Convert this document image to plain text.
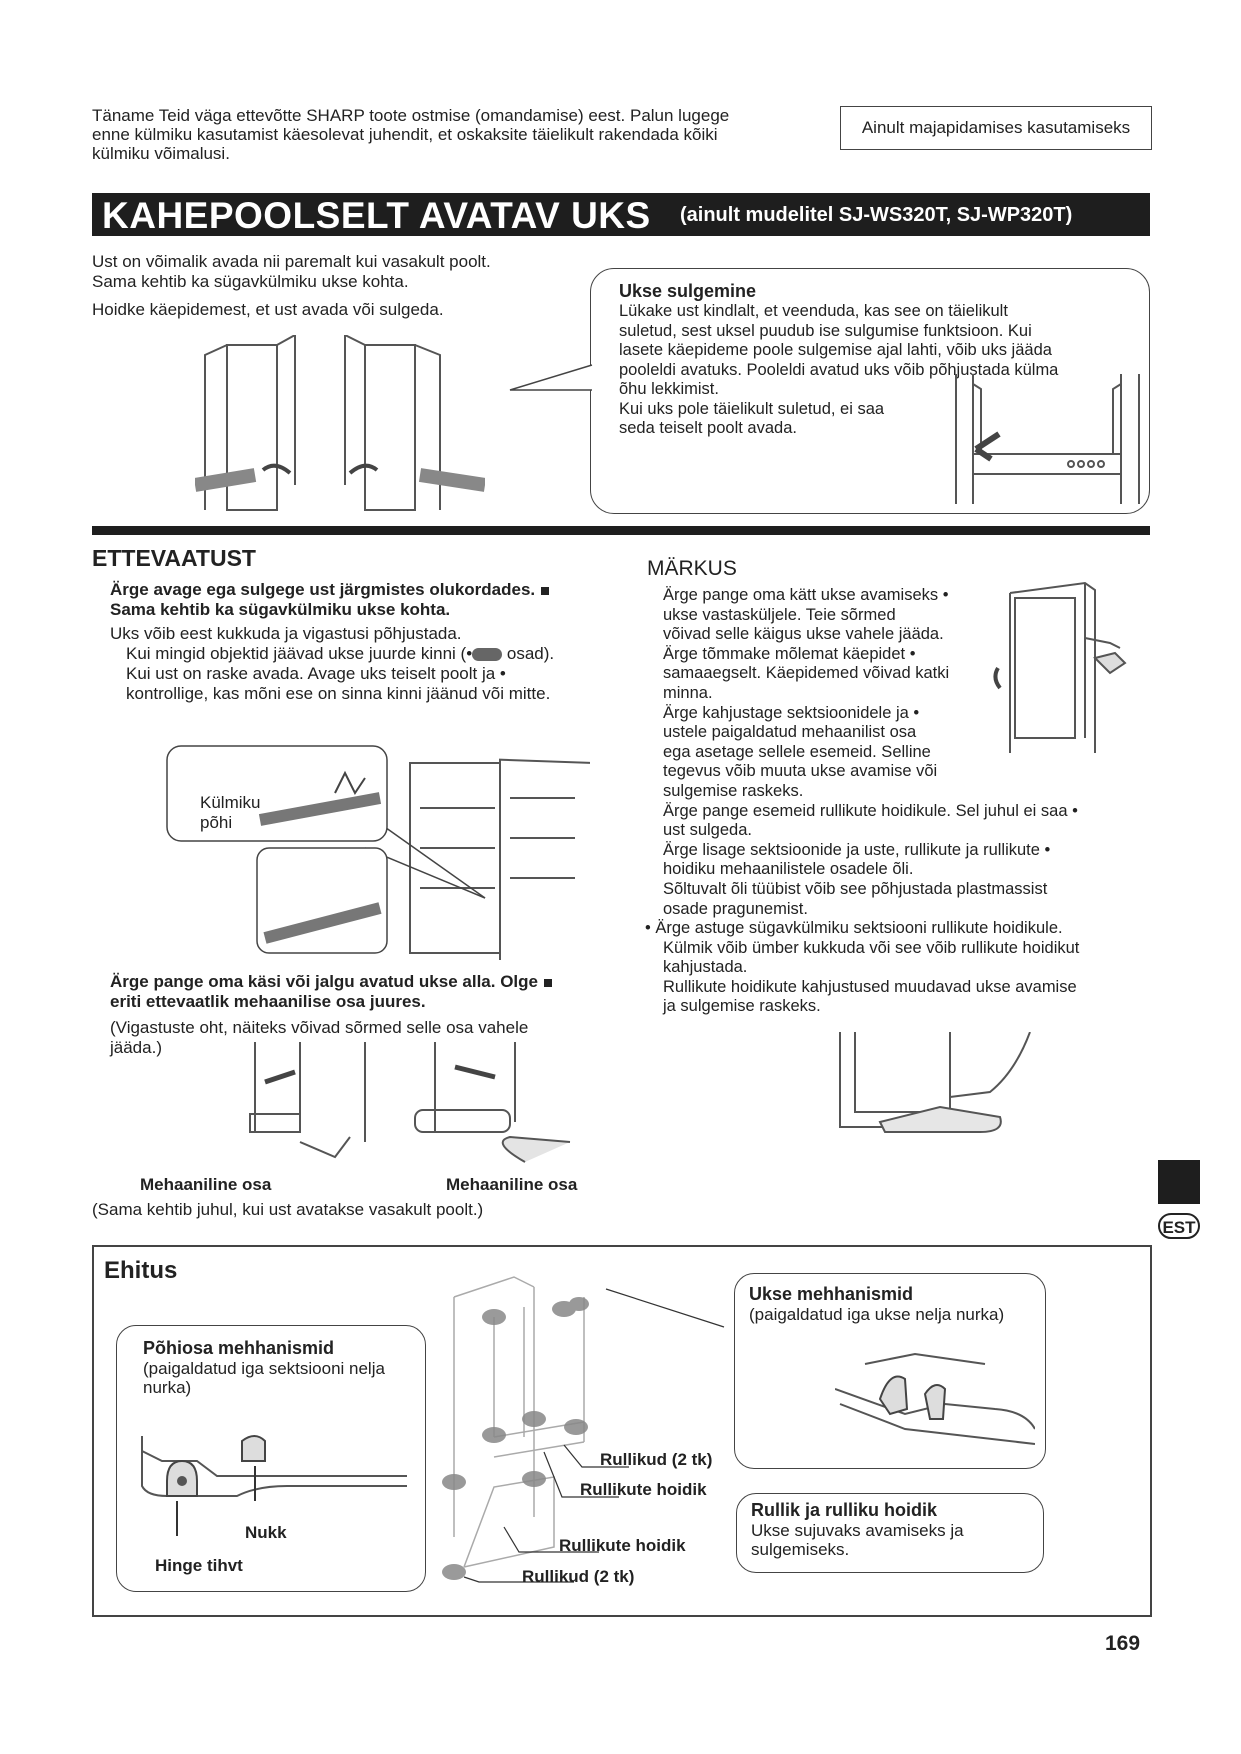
Täname Teid väga ettevõtte SHARP toote ostmise (omandamise) eest. Palun lugege enne külmiku kasutamist käesolevat juhendit, et oskaksite täielikult rakendada kõiki külmiku võimalusi.
Ainult majapidamises kasutamiseks
KAHEPOOLSELT AVATAV UKS (ainult mudelitel SJ-WS320T, SJ-WP320T)
Ust on võimalik avada nii paremalt kui vasakult poolt.
Sama kehtib ka sügavkülmiku ukse kohta.
Hoidke käepidemest, et ust avada või sulgeda.
Ukse sulgemine
Lükake ust kindlalt, et veenduda, kas see on täielikult
suletud, sest uksel puudub ise sulgumise funktsioon. Kui
lasete käepideme poole sulgemise ajal lahti, võib uks jääda
pooleldi avatuks. Pooleldi avatud uks võib põhjustada külma
õhu lekkimist.
Kui uks pole täielikult suletud, ei saa
seda teiselt poolt avada.
ETTEVAATUST
Ärge avage ega sulgege ust järgmistes olukordades.
Sama kehtib ka sügavkülmiku ukse kohta.
Uks võib eest kukkuda ja vigastusi põhjustada.
Kui mingid objektid jäävad ukse juurde kinni (• osad).
Kui ust on raske avada. Avage uks teiselt poolt ja •
kontrollige, kas mõni ese on sinna kinni jäänud või mitte.
Külmiku
põhi
Ärge pange oma käsi või jalgu avatud ukse alla. Olge
eriti ettevaatlik mehaanilise osa juures.
(Vigastuste oht, näiteks võivad sõrmed selle osa vahele
jääda.)
Mehaaniline osa	Mehaaniline osa
(Sama kehtib juhul, kui ust avatakse vasakult poolt.)
MÄRKUS
Ärge pange oma kätt ukse avamiseks •
ukse vastasküljele. Teie sõrmed
võivad selle käigus ukse vahele jääda.
Ärge tõmmake mõlemat käepidet •
samaaegselt. Käepidemed võivad katki
minna.
Ärge kahjustage sektsioonidele ja •
ustele paigaldatud mehaanilist osa
ega asetage sellele esemeid. Selline
tegevus võib muuta ukse avamise või
sulgemise raskeks.
Ärge pange esemeid rullikute hoidikule. Sel juhul ei saa •
ust sulgeda.
Ärge lisage sektsioonide ja uste, rullikute ja rullikute •
hoidiku mehaanilistele osadele õli.
Sõltuvalt õli tüübist võib see põhjustada plastmassist
osade pragunemist.
• Ärge astuge sügavkülmiku sektsiooni rullikute hoidikule.
Külmik võib ümber kukkuda või see võib rullikute hoidikut
kahjustada.
Rullikute hoidikute kahjustused muudavad ukse avamise
ja sulgemise raskeks.
Ehitus
Põhiosa mehhanismid
(paigaldatud iga sektsiooni nelja
nurka)
Nukk
Hinge tihvt
Rullikud (2 tk)
Rullikute hoidik
Rullikute hoidik
Rullikud (2 tk)
Ukse mehhanismid
(paigaldatud iga ukse nelja nurka)
Rullik ja rulliku hoidik
Ukse sujuvaks avamiseks ja
sulgemiseks.
EST
169
